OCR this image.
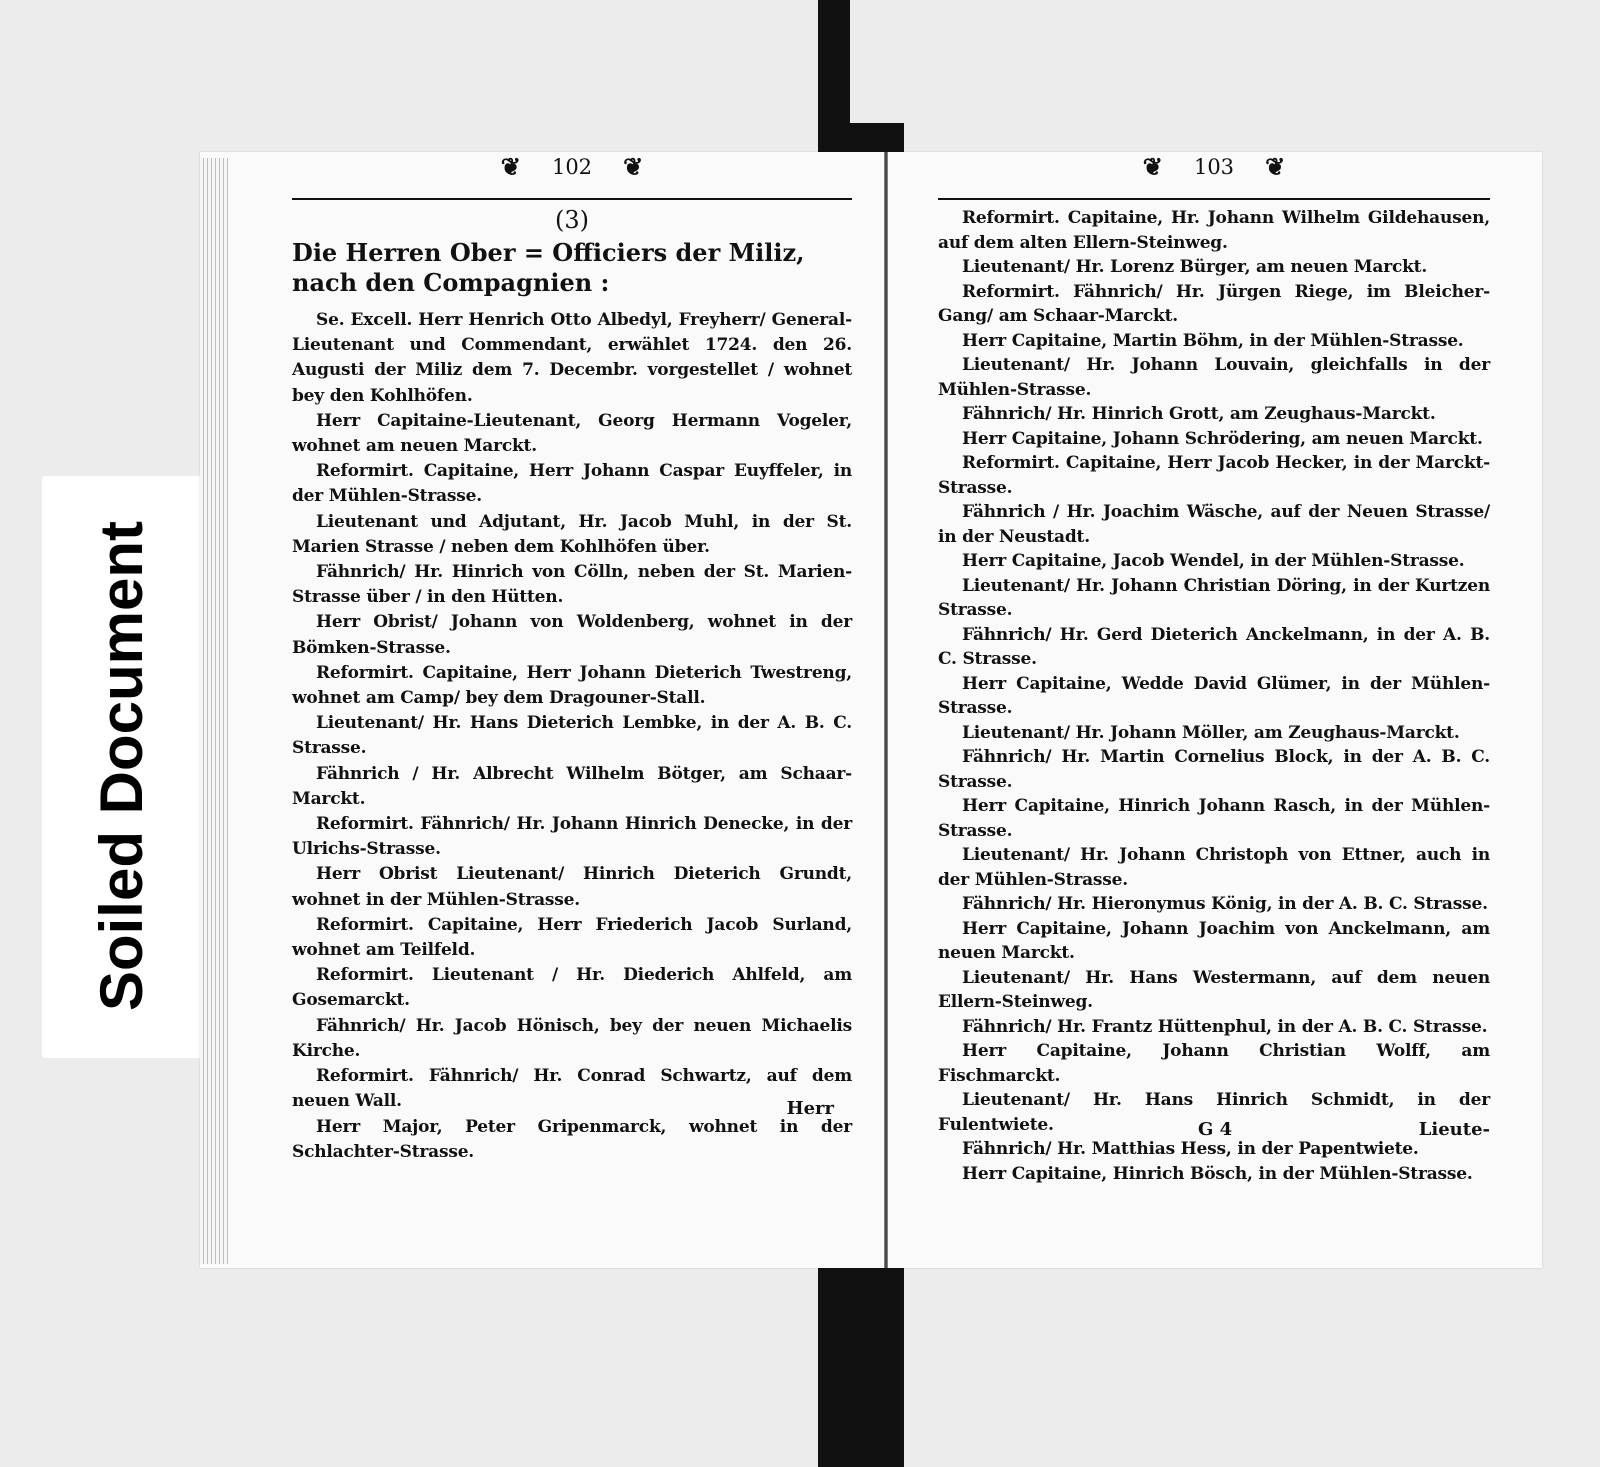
Soiled Document
❦ 102 ❦
(3)
Die Herren Ober = Officiers der Miliz, nach den Compagnien :

Se. Excell. Herr Henrich Otto Albedyl, Freyherr/ General-Lieutenant und Commendant, erwählet 1724. den 26. Augusti der Miliz dem 7. Decembr. vorgestellet / wohnet bey den Kohlhöfen.

Herr Capitaine-Lieutenant, Georg Hermann Vogeler, wohnet am neuen Marckt.

Reformirt. Capitaine, Herr Johann Caspar Euyffeler, in der Mühlen-Strasse.

Lieutenant und Adjutant, Hr. Jacob Muhl, in der St. Marien Strasse / neben dem Kohlhöfen über.

Fähnrich/ Hr. Hinrich von Cölln, neben der St. Marien-Strasse über / in den Hütten.

Herr Obrist/ Johann von Woldenberg, wohnet in der Bömken-Strasse.

Reformirt. Capitaine, Herr Johann Dieterich Twestreng, wohnet am Camp/ bey dem Dragouner-Stall.

Lieutenant/ Hr. Hans Dieterich Lembke, in der A. B. C. Strasse.

Fähnrich / Hr. Albrecht Wilhelm Bötger, am Schaar-Marckt.

Reformirt. Fähnrich/ Hr. Johann Hinrich Denecke, in der Ulrichs-Strasse.

Herr Obrist Lieutenant/ Hinrich Dieterich Grundt, wohnet in der Mühlen-Strasse.

Reformirt. Capitaine, Herr Friederich Jacob Surland, wohnet am Teilfeld.

Reformirt. Lieutenant / Hr. Diederich Ahlfeld, am Gosemarckt.

Fähnrich/ Hr. Jacob Hönisch, bey der neuen Michaelis Kirche.

Reformirt. Fähnrich/ Hr. Conrad Schwartz, auf dem neuen Wall.

Herr Major, Peter Gripenmarck, wohnet in der Schlachter-Strasse.

Herr
❦ 103 ❦

Reformirt. Capitaine, Hr. Johann Wilhelm Gildehausen, auf dem alten Ellern-Steinweg.

Lieutenant/ Hr. Lorenz Bürger, am neuen Marckt.

Reformirt. Fähnrich/ Hr. Jürgen Riege, im Bleicher-Gang/ am Schaar-Marckt.

Herr Capitaine, Martin Böhm, in der Mühlen-Strasse.

Lieutenant/ Hr. Johann Louvain, gleichfalls in der Mühlen-Strasse.

Fähnrich/ Hr. Hinrich Grott, am Zeughaus-Marckt.

Herr Capitaine, Johann Schrödering, am neuen Marckt.

Reformirt. Capitaine, Herr Jacob Hecker, in der Marckt-Strasse.

Fähnrich / Hr. Joachim Wäsche, auf der Neuen Strasse/ in der Neustadt.

Herr Capitaine, Jacob Wendel, in der Mühlen-Strasse.

Lieutenant/ Hr. Johann Christian Döring, in der Kurtzen Strasse.

Fähnrich/ Hr. Gerd Dieterich Anckelmann, in der A. B. C. Strasse.

Herr Capitaine, Wedde David Glümer, in der Mühlen-Strasse.

Lieutenant/ Hr. Johann Möller, am Zeughaus-Marckt.

Fähnrich/ Hr. Martin Cornelius Block, in der A. B. C. Strasse.

Herr Capitaine, Hinrich Johann Rasch, in der Mühlen-Strasse.

Lieutenant/ Hr. Johann Christoph von Ettner, auch in der Mühlen-Strasse.

Fähnrich/ Hr. Hieronymus König, in der A. B. C. Strasse.

Herr Capitaine, Johann Joachim von Anckelmann, am neuen Marckt.

Lieutenant/ Hr. Hans Westermann, auf dem neuen Ellern-Steinweg.

Fähnrich/ Hr. Frantz Hüttenphul, in der A. B. C. Strasse.

Herr Capitaine, Johann Christian Wolff, am Fischmarckt.

Lieutenant/ Hr. Hans Hinrich Schmidt, in der Fulentwiete.

Fähnrich/ Hr. Matthias Hess, in der Papentwiete.

Herr Capitaine, Hinrich Bösch, in der Mühlen-Strasse.

G 4	Lieute-
